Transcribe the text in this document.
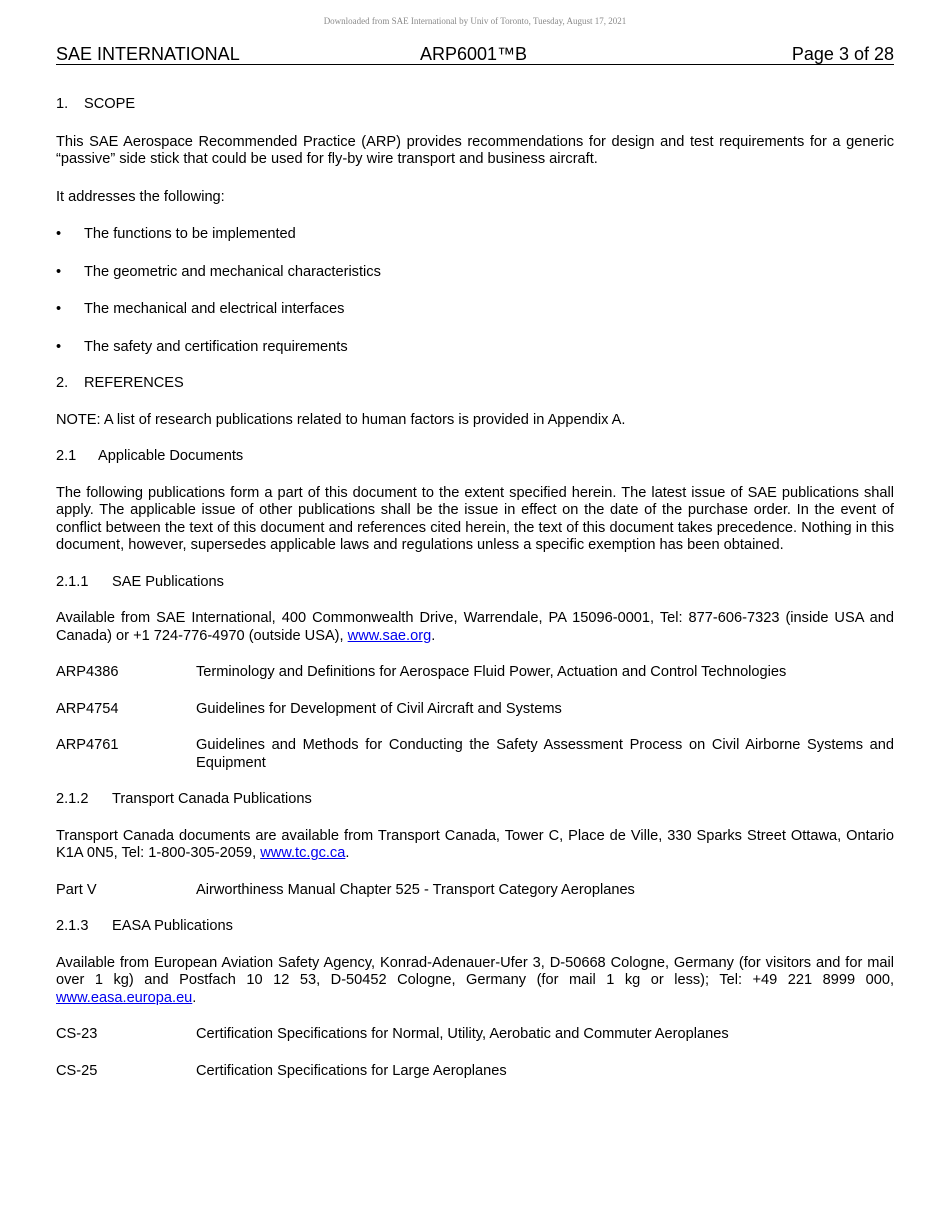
Downloaded from SAE International by Univ of Toronto, Tuesday, August 17, 2021
SAE INTERNATIONAL	ARP6001™B	Page 3 of 28
1.	SCOPE

This SAE Aerospace Recommended Practice (ARP) provides recommendations for design and test requirements for a generic “passive” side stick that could be used for fly-by wire transport and business aircraft.

It addresses the following:

•	The functions to be implemented
•	The geometric and mechanical characteristics
•	The mechanical and electrical interfaces
•	The safety and certification requirements
2.	REFERENCES

NOTE: A list of research publications related to human factors is provided in Appendix A.

2.1	Applicable Documents

The following publications form a part of this document to the extent specified herein. The latest issue of SAE publications shall apply. The applicable issue of other publications shall be the issue in effect on the date of the purchase order. In the event of conflict between the text of this document and references cited herein, the text of this document takes precedence. Nothing in this document, however, supersedes applicable laws and regulations unless a specific exemption has been obtained.

2.1.1	SAE Publications

Available from SAE International, 400 Commonwealth Drive, Warrendale, PA 15096-0001, Tel: 877-606-7323 (inside USA and Canada) or +1 724-776-4970 (outside USA), www.sae.org.

ARP4386	Terminology and Definitions for Aerospace Fluid Power, Actuation and Control Technologies
ARP4754	Guidelines for Development of Civil Aircraft and Systems
ARP4761	Guidelines and Methods for Conducting the Safety Assessment Process on Civil Airborne Systems and Equipment
2.1.2	Transport Canada Publications

Transport Canada documents are available from Transport Canada, Tower C, Place de Ville, 330 Sparks Street Ottawa, Ontario K1A 0N5, Tel: 1-800-305-2059, www.tc.gc.ca.

Part V	Airworthiness Manual Chapter 525 - Transport Category Aeroplanes
2.1.3	EASA Publications

Available from European Aviation Safety Agency, Konrad-Adenauer-Ufer 3, D-50668 Cologne, Germany (for visitors and for mail over 1 kg) and Postfach 10 12 53, D-50452 Cologne, Germany (for mail 1 kg or less); Tel: +49 221 8999 000, www.easa.europa.eu.

CS-23	Certification Specifications for Normal, Utility, Aerobatic and Commuter Aeroplanes
CS-25	Certification Specifications for Large Aeroplanes
